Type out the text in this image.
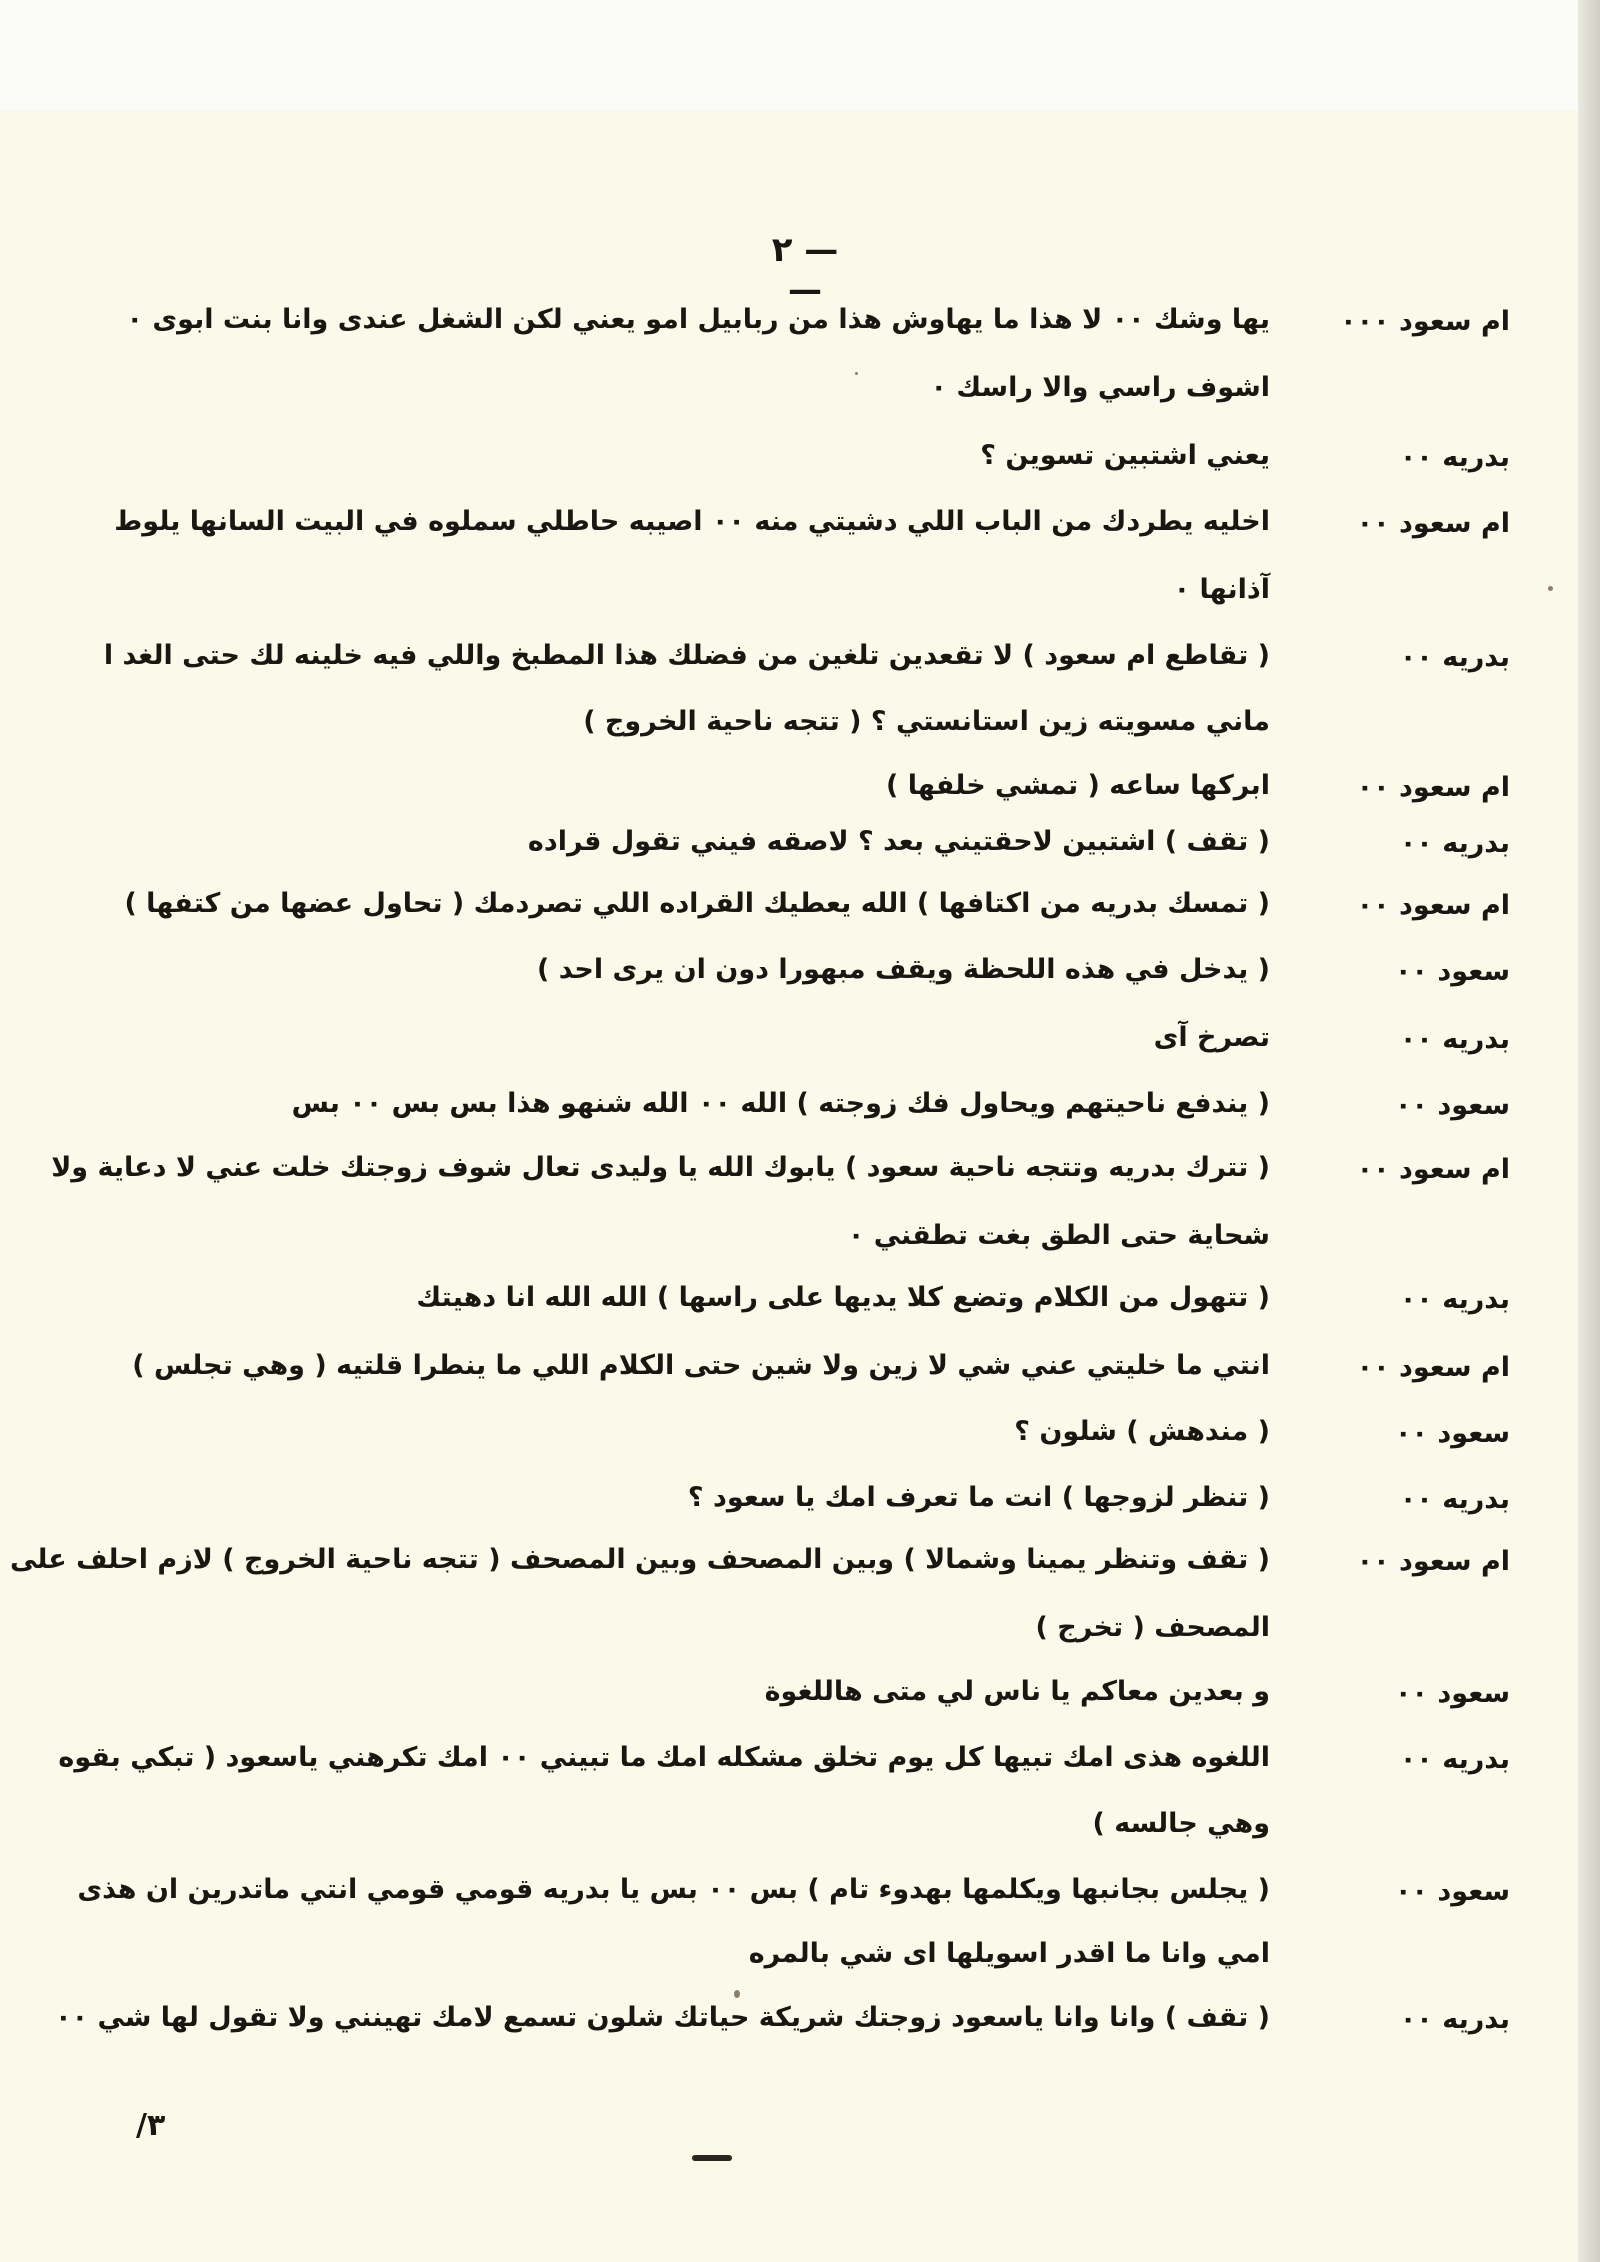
— ٢ —
ام سعود ٠٠٠
يها وشك ٠٠ لا هذا ما يهاوش هذا من ربابيل امو يعني لكن الشغل عندى وانا بنت ابوى ٠
اشوف راسي والا راسك ٠
بدريه ٠٠
يعني اشتبين تسوين ؟
ام سعود ٠٠
اخليه يطردك من الباب اللي دشيتي منه ٠٠ اصيبه حاطلي سملوه في البيت السانها يلوط
آذانها ٠
بدريه ٠٠
( تقاطع ام سعود ) لا تقعدين تلغين من فضلك هذا المطبخ واللي فيه خلينه لك حتى الغد ا
ماني مسويته زين استانستي ؟ ( تتجه ناحية الخروج )
ام سعود ٠٠
ابركها ساعه ( تمشي خلفها )
بدريه ٠٠
( تقف ) اشتبين لاحقتيني بعد ؟ لاصقه فيني تقول قراده
ام سعود ٠٠
( تمسك بدريه من اكتافها ) الله يعطيك القراده اللي تصردمك ( تحاول عضها من كتفها )
سعود ٠٠
( يدخل في هذه اللحظة ويقف مبهورا دون ان يرى احد )
بدريه ٠٠
تصرخ آى
سعود ٠٠
( يندفع ناحيتهم ويحاول فك زوجته ) الله ٠٠ الله شنهو هذا بس بس ٠٠ بس
ام سعود ٠٠
( تترك بدريه وتتجه ناحية سعود ) يابوك الله يا وليدى تعال شوف زوجتك خلت عني لا دعاية ولا
شحاية حتى الطق بغت تطقني ٠
بدريه ٠٠
( تتهول من الكلام وتضع كلا يديها على راسها ) الله الله انا دهيتك
ام سعود ٠٠
انتي ما خليتي عني شي لا زين ولا شين حتى الكلام اللي ما ينطرا قلتيه ( وهي تجلس )
سعود ٠٠
( مندهش ) شلون ؟
بدريه ٠٠
( تنظر لزوجها ) انت ما تعرف امك يا سعود ؟
ام سعود ٠٠
( تقف وتنظر يمينا وشمالا ) وبين المصحف وبين المصحف ( تتجه ناحية الخروج ) لازم احلف على
المصحف ( تخرج )
سعود ٠٠
و بعدين معاكم يا ناس لي متى هاللغوة
بدريه ٠٠
اللغوه هذى امك تبيها كل يوم تخلق مشكله امك ما تبيني ٠٠ امك تكرهني ياسعود ( تبكي بقوه
وهي جالسه )
سعود ٠٠
( يجلس بجانبها ويكلمها بهدوء تام ) بس ٠٠ بس يا بدريه قومي قومي انتي ماتدرين ان هذى
امي وانا ما اقدر اسويلها اى شي بالمره
بدريه ٠٠
( تقف ) وانا وانا ياسعود زوجتك شريكة حياتك شلون تسمع لامك تهينني ولا تقول لها شي ٠٠
٣/
